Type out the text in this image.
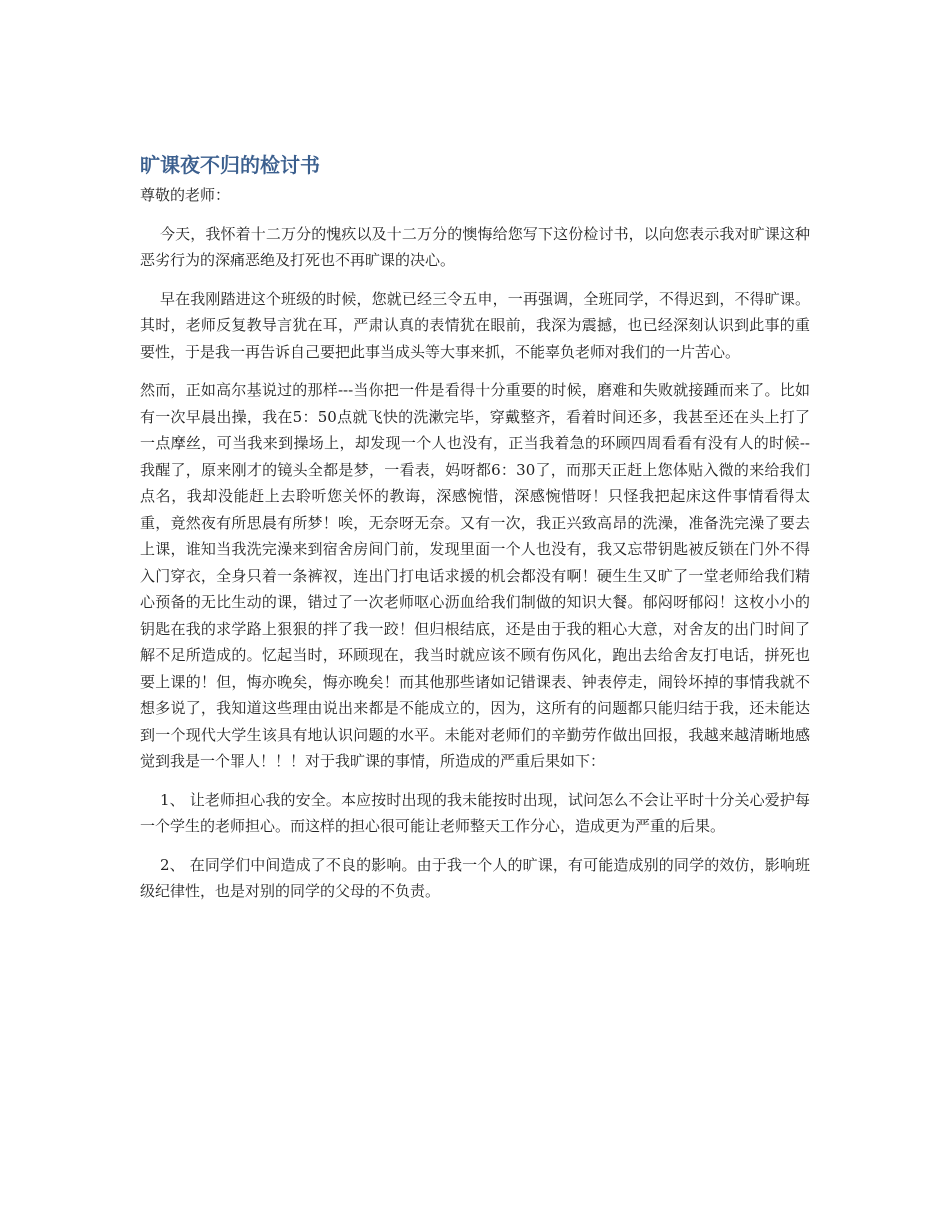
旷课夜不归的检讨书

尊敬的老师：

今天，我怀着十二万分的愧疚以及十二万分的懊悔给您写下这份检讨书，以向您表示我对旷课这种恶劣行为的深痛恶绝及打死也不再旷课的决心。

早在我刚踏进这个班级的时候，您就已经三令五申，一再强调，全班同学，不得迟到，不得旷课。其时，老师反复教导言犹在耳，严肃认真的表情犹在眼前，我深为震撼，也已经深刻认识到此事的重要性，于是我一再告诉自己要把此事当成头等大事来抓，不能辜负老师对我们的一片苦心。

然而，正如高尔基说过的那样---当你把一件是看得十分重要的时候，磨难和失败就接踵而来了。比如有一次早晨出操，我在5：50点就飞快的洗漱完毕，穿戴整齐，看着时间还多，我甚至还在头上打了一点摩丝，可当我来到操场上，却发现一个人也没有，正当我着急的环顾四周看看有没有人的时候--我醒了，原来刚才的镜头全都是梦，一看表，妈呀都6：30了，而那天正赶上您体贴入微的来给我们点名，我却没能赶上去聆听您关怀的教诲，深感惋惜，深感惋惜呀！只怪我把起床这件事情看得太重，竟然夜有所思晨有所梦！唉，无奈呀无奈。又有一次，我正兴致高昂的洗澡，准备洗完澡了要去上课，谁知当我洗完澡来到宿舍房间门前，发现里面一个人也没有，我又忘带钥匙被反锁在门外不得入门穿衣，全身只着一条裤衩，连出门打电话求援的机会都没有啊！硬生生又旷了一堂老师给我们精心预备的无比生动的课，错过了一次老师呕心沥血给我们制做的知识大餐。郁闷呀郁闷！这枚小小的钥匙在我的求学路上狠狠的拌了我一跤！但归根结底，还是由于我的粗心大意，对舍友的出门时间了解不足所造成的。忆起当时，环顾现在，我当时就应该不顾有伤风化，跑出去给舍友打电话，拼死也要上课的！但，悔亦晚矣，悔亦晚矣！而其他那些诸如记错课表、钟表停走，闹铃坏掉的事情我就不想多说了，我知道这些理由说出来都是不能成立的，因为，这所有的问题都只能归结于我，还未能达到一个现代大学生该具有地认识问题的水平。未能对老师们的辛勤劳作做出回报，我越来越清晰地感觉到我是一个罪人！！！对于我旷课的事情，所造成的严重后果如下：

1、 让老师担心我的安全。本应按时出现的我未能按时出现，试问怎么不会让平时十分关心爱护每一个学生的老师担心。而这样的担心很可能让老师整天工作分心，造成更为严重的后果。

2、 在同学们中间造成了不良的影响。由于我一个人的旷课，有可能造成别的同学的效仿，影响班级纪律性，也是对别的同学的父母的不负责。
